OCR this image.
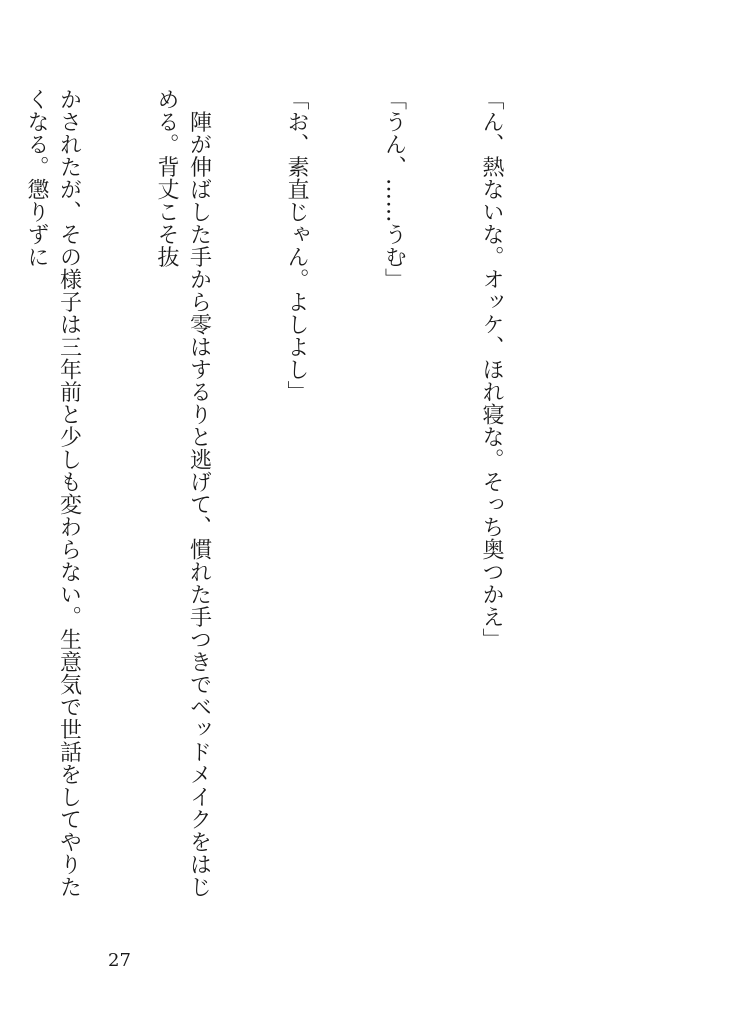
「ん、熱ないな。オッケ、ほれ寝な。そっち奥つかえ」

「うん、……うむ」

「お、素直じゃん。よしよし」

　陣が伸ばした手から零はするりと逃げて、慣れた手つきでベッドメイクをはじめる。背丈こそ抜

かされたが、その様子は三年前と少しも変わらない。生意気で世話をしてやりたくなる。懲りずに

27
